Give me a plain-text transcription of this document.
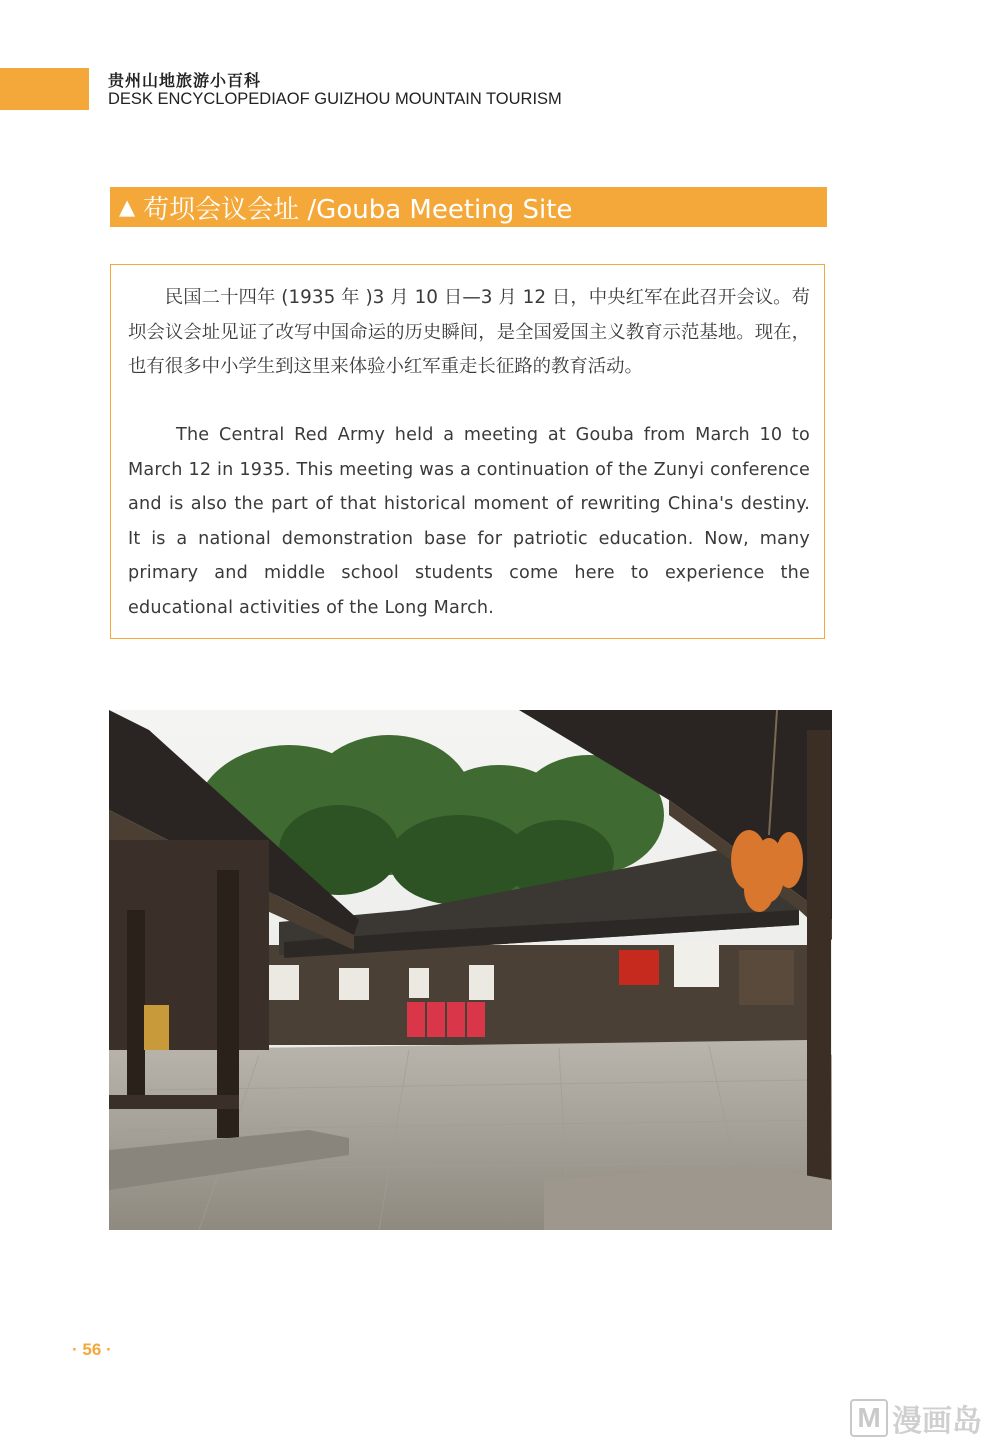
贵州山地旅游小百科
DESK ENCYCLOPEDIAOF GUIZHOU MOUNTAIN TOURISM
▲ 苟坝会议会址 /Gouba Meeting Site

民国二十四年 (1935 年 )3 月 10 日—3 月 12 日，中央红军在此召开会议。苟坝会议会址见证了改写中国命运的历史瞬间，是全国爱国主义教育示范基地。现在，也有很多中小学生到这里来体验小红军重走长征路的教育活动。

The Central Red Army held a meeting at Gouba from March 10 to March 12 in 1935. This meeting was a continuation of the Zunyi conference and is also the part of that historical moment of rewriting China's destiny. It is a national demonstration base for patriotic education. Now, many primary and middle school students come here to experience the educational activities of the Long March.

· 56 ·
M 漫画岛
